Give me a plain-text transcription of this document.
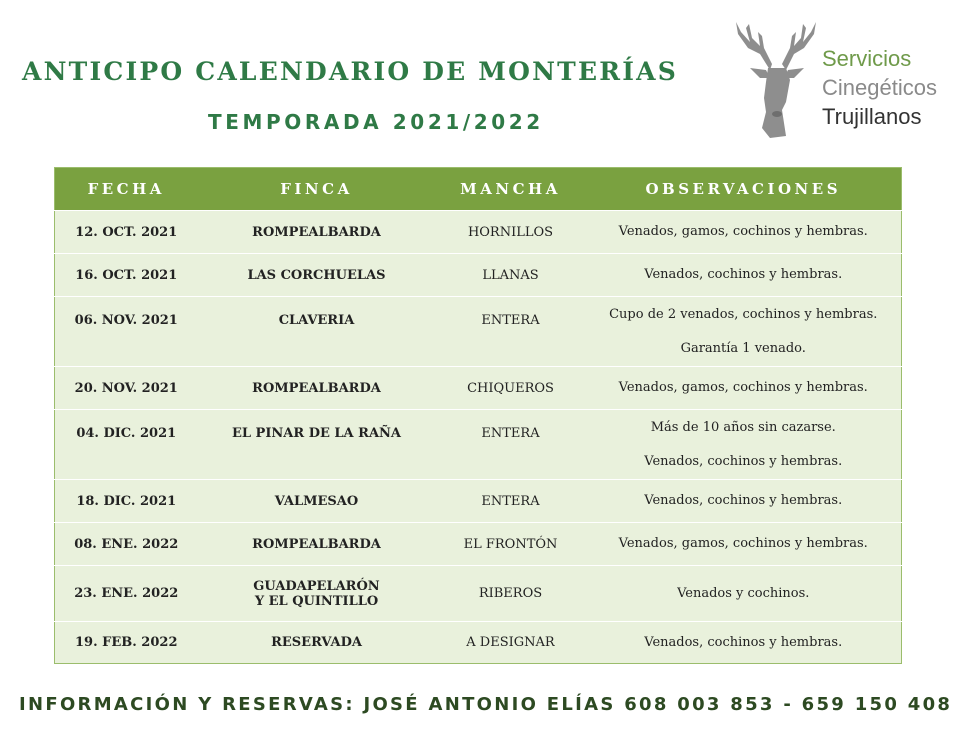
ANTICIPO CALENDARIO DE MONTERÍAS
TEMPORADA 2021/2022
Servicios
Cinegéticos
Trujillanos
FECHA	FINCA	MANCHA	OBSERVACIONES
12. OCT. 2021	ROMPEALBARDA	HORNILLOS	Venados, gamos, cochinos y hembras.
16. OCT. 2021	LAS CORCHUELAS	LLANAS	Venados, cochinos y hembras.
06. NOV. 2021	CLAVERIA	ENTERA	Cupo de 2 venados, cochinos y hembras.
Garantía 1 venado.

20. NOV. 2021	ROMPEALBARDA	CHIQUEROS	Venados, gamos, cochinos y hembras.
04. DIC. 2021	EL PINAR DE LA RAÑA	ENTERA	Más de 10 años sin cazarse.
Venados, cochinos y hembras.

18. DIC. 2021	VALMESAO	ENTERA	Venados, cochinos y hembras.
08. ENE. 2022	ROMPEALBARDA	EL FRONTÓN	Venados, gamos, cochinos y hembras.
23. ENE. 2022	GUADAPELARÓN
Y EL QUINTILLO	RIBEROS	Venados y cochinos.
19. FEB. 2022	RESERVADA	A DESIGNAR	Venados, cochinos y hembras.
INFORMACIÓN Y RESERVAS: JOSÉ ANTONIO ELÍAS 608 003 853 - 659 150 408
